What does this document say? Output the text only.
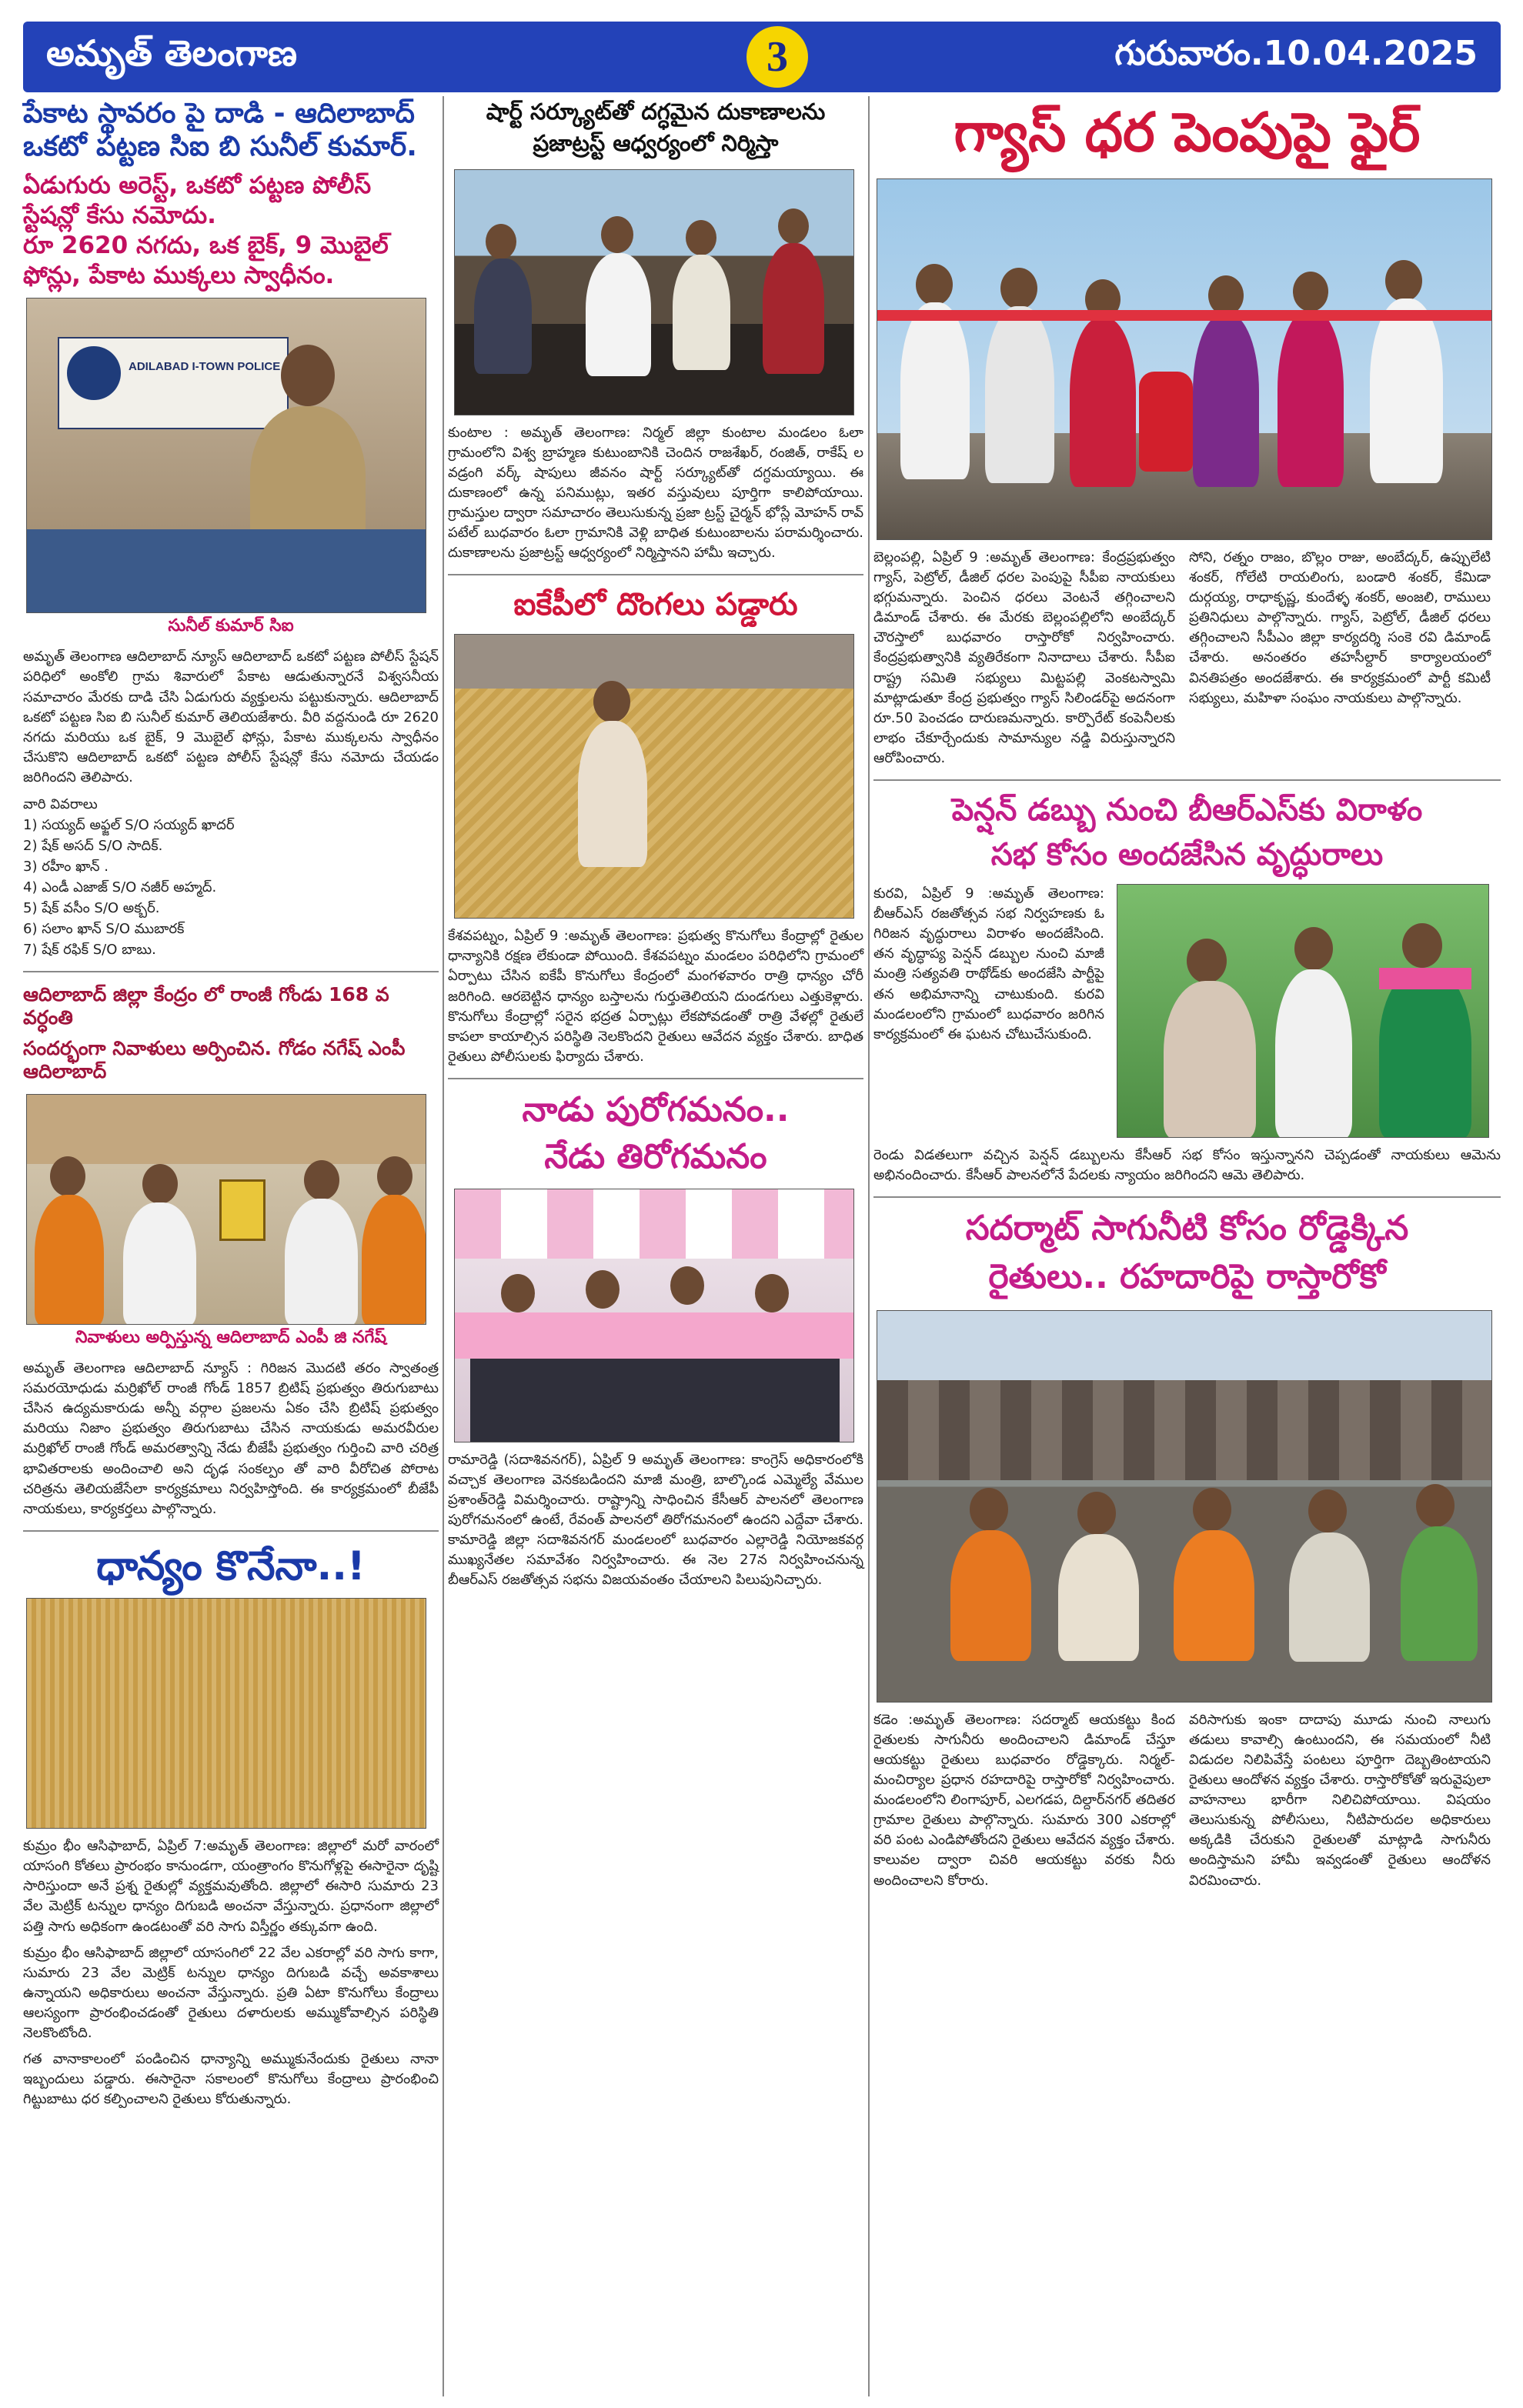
అమృత్ తెలంగాణ	3	గురువారం.10.04.2025
పేకాట స్థావరం పై దాడి - ఆదిలాబాద్
ఒకటో పట్టణ సిఐ బి సునీల్ కుమార్.
ఏడుగురు అరెస్ట్, ఒకటో పట్టణ పోలీస్
స్టేషన్లో కేసు నమోదు.
రూ 2620 నగదు, ఒక బైక్, 9 మొబైల్
ఫోన్లు, పేకాట ముక్కలు స్వాధీనం.
ADILABAD I-TOWN POLICE
సునీల్ కుమార్ సిఐ
అమృత్ తెలంగాణ ఆదిలాబాద్ న్యూస్ ఆదిలాబాద్ ఒకటో పట్టణ పోలీస్ స్టేషన్ పరిధిలో అంకోలి గ్రామ శివారులో పేకాట ఆడుతున్నారనే విశ్వసనీయ సమాచారం మేరకు దాడి చేసి ఏడుగురు వ్యక్తులను పట్టుకున్నారు. ఆదిలాబాద్ ఒకటో పట్టణ సిఐ బి సునీల్ కుమార్ తెలియజేశారు. వీరి వద్దనుండి రూ 2620 నగదు మరియు ఒక బైక్, 9 మొబైల్ ఫోన్లు, పేకాట ముక్కలను స్వాధీనం చేసుకొని ఆదిలాబాద్ ఒకటో పట్టణ పోలీస్ స్టేషన్లో కేసు నమోదు చేయడం జరిగిందని తెలిపారు.
వారి వివరాలు
1) సయ్యద్ అఫ్జల్ S/O సయ్యద్ ఖాదర్
2) షేక్ అసద్ S/O సాదిక్.
3) రహీం ఖాన్ .
4) ఎండీ ఎజాజ్ S/O నజీర్ అహ్మద్.
5) షేక్ వసీం S/O అక్బర్.
6) సలాం ఖాన్ S/O ముబారక్
7) షేక్ రఫిక్ S/O బాబు.
ఆదిలాబాద్ జిల్లా కేంద్రం లో రాంజీ గోండు 168 వ వర్ధంతి
సందర్భంగా నివాళులు అర్పించిన. గోడం నగేష్ ఎంపీ ఆదిలాబాద్
నివాళులు అర్పిస్తున్న ఆదిలాబాద్ ఎంపీ జి నగేష్
అమృత్ తెలంగాణ ఆదిలాబాద్ న్యూస్ : గిరిజన మొదటి తరం స్వాతంత్ర సమరయోధుడు మర్రిఖోల్ రాంజీ గోండ్ 1857 బ్రిటిష్ ప్రభుత్వం తిరుగుబాటు చేసిన ఉద్యమకారుడు అన్నీ వర్గాల ప్రజలను ఏకం చేసి బ్రిటిష్ ప్రభుత్వం మరియు నిజాం ప్రభుత్వం తిరుగుబాటు చేసిన నాయకుడు అమరవీరుల మర్రిఖోల్ రాంజీ గోండ్ అమరత్వాన్ని నేడు బీజేపీ ప్రభుత్వం గుర్తించి వారి చరిత్ర భావితరాలకు అందించాలి అని దృఢ సంకల్పం తో వారి వీరోచిత పోరాట చరిత్రను తెలియజేసేలా కార్యక్రమాలు నిర్వహిస్తోంది. ఈ కార్యక్రమంలో బీజేపీ నాయకులు, కార్యకర్తలు పాల్గొన్నారు.
ధాన్యం కొనేనా..!
కుమ్రం భీం ఆసిఫాబాద్, ఏప్రిల్ 7:అమృత్ తెలంగాణ: జిల్లాలో మరో వారంలో యాసంగి కోతలు ప్రారంభం కానుండగా, యంత్రాంగం కొనుగోళ్లపై ఈసారైనా దృష్టి సారిస్తుందా అనే ప్రశ్న రైతుల్లో వ్యక్తమవుతోంది. జిల్లాలో ఈసారి సుమారు 23 వేల మెట్రిక్ టన్నుల ధాన్యం దిగుబడి అంచనా వేస్తున్నారు. ప్రధానంగా జిల్లాలో పత్తి సాగు అధికంగా ఉండటంతో వరి సాగు విస్తీర్ణం తక్కువగా ఉంది.
కుమ్రం భీం ఆసిఫాబాద్ జిల్లాలో యాసంగిలో 22 వేల ఎకరాల్లో వరి సాగు కాగా, సుమారు 23 వేల మెట్రిక్ టన్నుల ధాన్యం దిగుబడి వచ్చే అవకాశాలు ఉన్నాయని అధికారులు అంచనా వేస్తున్నారు. ప్రతి ఏటా కొనుగోలు కేంద్రాలు ఆలస్యంగా ప్రారంభించడంతో రైతులు దళారులకు అమ్ముకోవాల్సిన పరిస్థితి నెలకొంటోంది.
గత వానాకాలంలో పండించిన ధాన్యాన్ని అమ్ముకునేందుకు రైతులు నానా ఇబ్బందులు పడ్డారు. ఈసారైనా సకాలంలో కొనుగోలు కేంద్రాలు ప్రారంభించి గిట్టుబాటు ధర కల్పించాలని రైతులు కోరుతున్నారు.
షార్ట్ సర్క్యూట్‌తో దగ్ధమైన దుకాణాలను
ప్రజాట్రస్ట్ ఆధ్వర్యంలో నిర్మిస్తా
కుంటాల : అమృత్ తెలంగాణ: నిర్మల్ జిల్లా కుంటాల మండలం ఓలా గ్రామంలోని విశ్వ బ్రాహ్మణ కుటుంబానికి చెందిన రాజశేఖర్, రంజిత్, రాకేష్ ల వడ్రంగి వర్క్ షాపులు జీవనం షార్ట్ సర్క్యూట్‌తో దగ్ధమయ్యాయి. ఈ దుకాణంలో ఉన్న పనిముట్లు, ఇతర వస్తువులు పూర్తిగా కాలిపోయాయి. గ్రామస్తుల ద్వారా సమాచారం తెలుసుకున్న ప్రజా ట్రస్ట్ చైర్మన్ భోస్లే మోహన్ రావ్ పటేల్ బుధవారం ఓలా గ్రామానికి వెళ్లి బాధిత కుటుంబాలను పరామర్శించారు. దుకాణాలను ప్రజాట్రస్ట్ ఆధ్వర్యంలో నిర్మిస్తానని హామీ ఇచ్చారు.
ఐకేపీలో దొంగలు పడ్డారు
కేశవపట్నం, ఏప్రిల్ 9 :అమృత్ తెలంగాణ: ప్రభుత్వ కొనుగోలు కేంద్రాల్లో రైతుల ధాన్యానికి రక్షణ లేకుండా పోయింది. కేశవపట్నం మండలం పరిధిలోని గ్రామంలో ఏర్పాటు చేసిన ఐకేపీ కొనుగోలు కేంద్రంలో మంగళవారం రాత్రి ధాన్యం చోరీ జరిగింది. ఆరబెట్టిన ధాన్యం బస్తాలను గుర్తుతెలియని దుండగులు ఎత్తుకెళ్లారు. కొనుగోలు కేంద్రాల్లో సరైన భద్రత ఏర్పాట్లు లేకపోవడంతో రాత్రి వేళల్లో రైతులే కాపలా కాయాల్సిన పరిస్థితి నెలకొందని రైతులు ఆవేదన వ్యక్తం చేశారు. బాధిత రైతులు పోలీసులకు ఫిర్యాదు చేశారు.
నాడు పురోగమనం..
నేడు తిరోగమనం
రామారెడ్డి (సదాశివనగర్), ఏప్రిల్ 9 అమృత్ తెలంగాణ: కాంగ్రెస్ అధికారంలోకి వచ్చాక తెలంగాణ వెనకబడిందని మాజీ మంత్రి, బాల్కొండ ఎమ్మెల్యే వేముల ప్రశాంత్‌రెడ్డి విమర్శించారు. రాష్ట్రాన్ని సాధించిన కేసీఆర్ పాలనలో తెలంగాణ పురోగమనంలో ఉంటే, రేవంత్ పాలనలో తిరోగమనంలో ఉందని ఎద్దేవా చేశారు. కామారెడ్డి జిల్లా సదాశివనగర్ మండలంలో బుధవారం ఎల్లారెడ్డి నియోజకవర్గ ముఖ్యనేతల సమావేశం నిర్వహించారు. ఈ నెల 27న నిర్వహించనున్న బీఆర్ఎస్ రజతోత్సవ సభను విజయవంతం చేయాలని పిలుపునిచ్చారు.
గ్యాస్ ధర పెంపుపై ఫైర్
బెల్లంపల్లి, ఏప్రిల్ 9 :అమృత్ తెలంగాణ: కేంద్రప్రభుత్వం గ్యాస్, పెట్రోల్, డీజిల్ ధరల పెంపుపై సీపీఐ నాయకులు భగ్గుమన్నారు. పెంచిన ధరలు వెంటనే తగ్గించాలని డిమాండ్ చేశారు. ఈ మేరకు బెల్లంపల్లిలోని అంబేద్కర్ చౌరస్తాలో బుధవారం రాస్తారోకో నిర్వహించారు. కేంద్రప్రభుత్వానికి వ్యతిరేకంగా నినాదాలు చేశారు. సీపీఐ రాష్ట్ర సమితి సభ్యులు మిట్టపల్లి వెంకటస్వామి మాట్లాడుతూ కేంద్ర ప్రభుత్వం గ్యాస్ సిలిండర్‌పై అదనంగా రూ.50 పెంచడం దారుణమన్నారు. కార్పొరేట్ కంపెనీలకు లాభం చేకూర్చేందుకు సామాన్యుల నడ్డి విరుస్తున్నారని ఆరోపించారు.
సోని, రత్నం రాజం, బొల్లం రాజు, అంబేద్కర్, ఉప్పులేటి శంకర్, గోలేటి రాయలింగు, బండారి శంకర్, కేమిడా దుర్గయ్య, రాధాకృష్ణ, కుందేళ్ళ శంకర్, అంజలి, రాములు ప్రతినిధులు పాల్గొన్నారు. గ్యాస్, పెట్రోల్, డీజిల్ ధరలు తగ్గించాలని సీపీఎం జిల్లా కార్యదర్శి సంకె రవి డిమాండ్ చేశారు. అనంతరం తహసీల్దార్ కార్యాలయంలో వినతిపత్రం అందజేశారు. ఈ కార్యక్రమంలో పార్టీ కమిటీ సభ్యులు, మహిళా సంఘం నాయకులు పాల్గొన్నారు.
పెన్షన్ డబ్బు నుంచి బీఆర్ఎస్‌కు విరాళం
సభ కోసం అందజేసిన వృద్ధురాలు
కురవి, ఏప్రిల్ 9 :అమృత్ తెలంగాణ: బీఆర్ఎస్ రజతోత్సవ సభ నిర్వహణకు ఓ గిరిజన వృద్ధురాలు విరాళం అందజేసింది. తన వృద్ధాప్య పెన్షన్ డబ్బుల నుంచి మాజీ మంత్రి సత్యవతి రాథోడ్‌కు అందజేసి పార్టీపై తన అభిమానాన్ని చాటుకుంది. కురవి మండలంలోని గ్రామంలో బుధవారం జరిగిన కార్యక్రమంలో ఈ ఘటన చోటుచేసుకుంది.
రెండు విడతలుగా వచ్చిన పెన్షన్ డబ్బులను కేసీఆర్ సభ కోసం ఇస్తున్నానని చెప్పడంతో నాయకులు ఆమెను అభినందించారు. కేసీఆర్ పాలనలోనే పేదలకు న్యాయం జరిగిందని ఆమె తెలిపారు.
సదర్మాట్ సాగునీటి కోసం రోడ్డెక్కిన
రైతులు.. రహదారిపై రాస్తారోకో
కడెం :అమృత్ తెలంగాణ: సదర్మాట్ ఆయకట్టు కింద రైతులకు సాగునీరు అందించాలని డిమాండ్ చేస్తూ ఆయకట్టు రైతులు బుధవారం రోడ్డెక్కారు. నిర్మల్-మంచిర్యాల ప్రధాన రహదారిపై రాస్తారోకో నిర్వహించారు. మండలంలోని లింగాపూర్, ఎలగడప, దిల్దార్‌నగర్ తదితర గ్రామాల రైతులు పాల్గొన్నారు. సుమారు 300 ఎకరాల్లో వరి పంట ఎండిపోతోందని రైతులు ఆవేదన వ్యక్తం చేశారు. కాలువల ద్వారా చివరి ఆయకట్టు వరకు నీరు అందించాలని కోరారు.
వరిసాగుకు ఇంకా దాదాపు మూడు నుంచి నాలుగు తడులు కావాల్సి ఉంటుందని, ఈ సమయంలో నీటి విడుదల నిలిపివేస్తే పంటలు పూర్తిగా దెబ్బతింటాయని రైతులు ఆందోళన వ్యక్తం చేశారు. రాస్తారోకోతో ఇరువైపులా వాహనాలు భారీగా నిలిచిపోయాయి. విషయం తెలుసుకున్న పోలీసులు, నీటిపారుదల అధికారులు అక్కడికి చేరుకుని రైతులతో మాట్లాడి సాగునీరు అందిస్తామని హామీ ఇవ్వడంతో రైతులు ఆందోళన విరమించారు.
